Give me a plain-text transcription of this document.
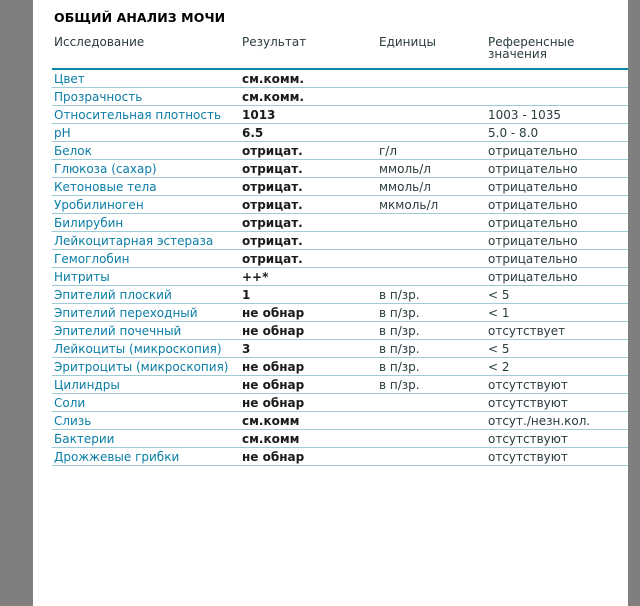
ОБЩИЙ АНАЛИЗ МОЧИ
Исследование	Результат	Единицы	Референсные значения
Цвет	см.комм.		
Прозрачность	см.комм.		
Относительная плотность	1013		1003 - 1035
pH	6.5		5.0 - 8.0
Белок	отрицат.	г/л	отрицательно
Глюкоза (сахар)	отрицат.	ммоль/л	отрицательно
Кетоновые тела	отрицат.	ммоль/л	отрицательно
Уробилиноген	отрицат.	мкмоль/л	отрицательно
Билирубин	отрицат.		отрицательно
Лейкоцитарная эстераза	отрицат.		отрицательно
Гемоглобин	отрицат.		отрицательно
Нитриты	++*		отрицательно
Эпителий плоский	1	в п/зр.	< 5
Эпителий переходный	не обнар	в п/зр.	< 1
Эпителий почечный	не обнар	в п/зр.	отсутствует
Лейкоциты (микроскопия)	3	в п/зр.	< 5
Эритроциты (микроскопия)	не обнар	в п/зр.	< 2
Цилиндры	не обнар	в п/зр.	отсутствуют
Соли	не обнар		отсутствуют
Слизь	см.комм		отсут./незн.кол.
Бактерии	см.комм		отсутствуют
Дрожжевые грибки	не обнар		отсутствуют
